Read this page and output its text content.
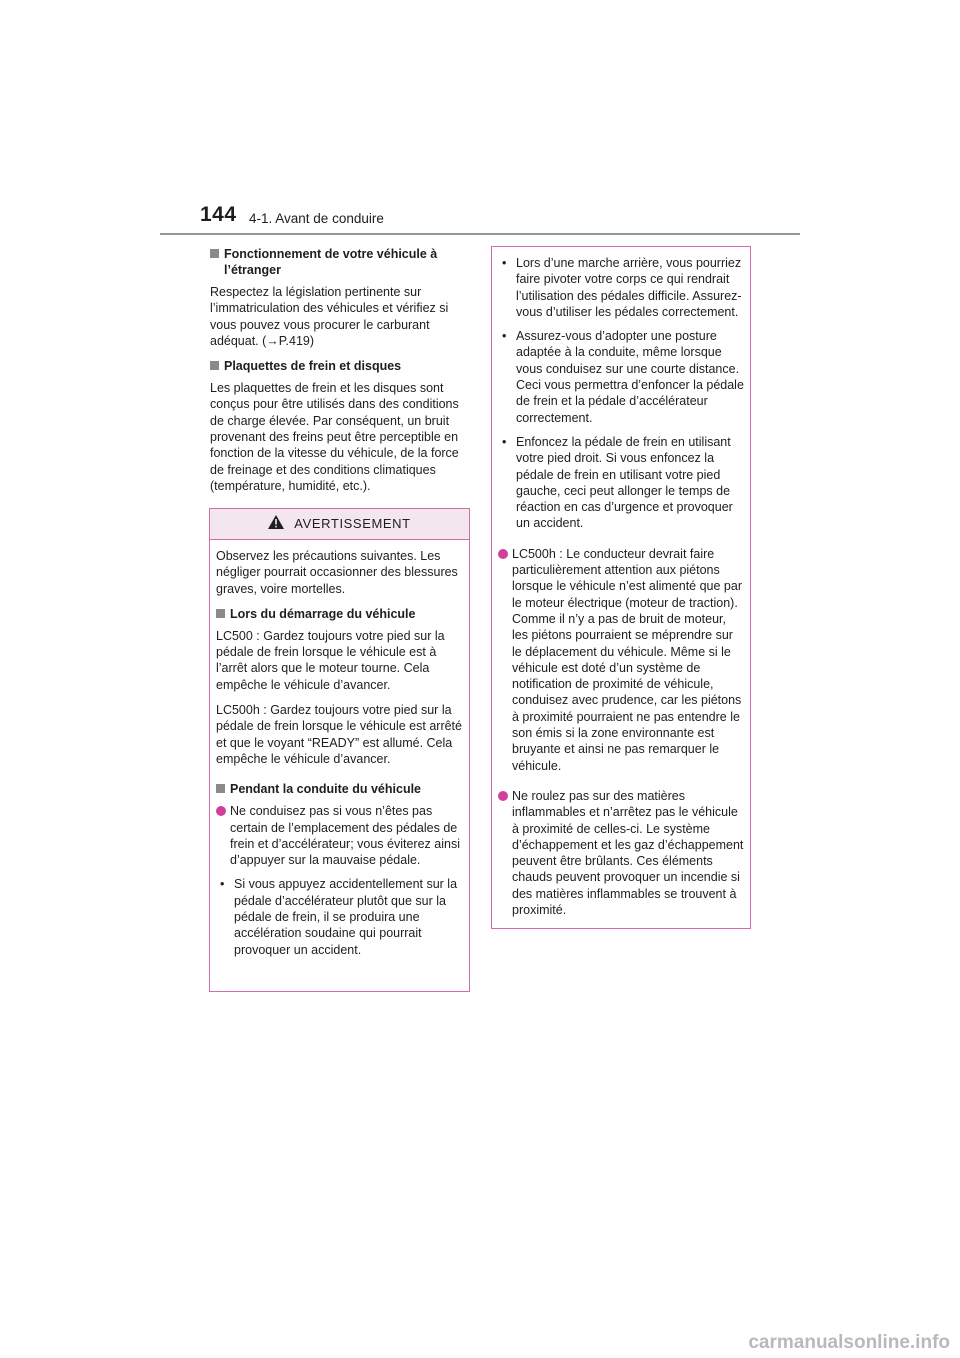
144 4-1. Avant de conduire
Fonctionnement de votre véhicule à l’étranger

Respectez la législation pertinente sur l’immatriculation des véhicules et vérifiez si vous pouvez vous procurer le carburant adéquat. (→P.419)

Plaquettes de frein et disques

Les plaquettes de frein et les disques sont conçus pour être utilisés dans des conditions de charge élevée. Par conséquent, un bruit provenant des freins peut être perceptible en fonction de la vitesse du véhicule, de la force de freinage et des conditions climatiques (température, humidité, etc.).

AVERTISSEMENT

Observez les précautions suivantes. Les négliger pourrait occasionner des blessures graves, voire mortelles.

Lors du démarrage du véhicule

LC500 : Gardez toujours votre pied sur la pédale de frein lorsque le véhicule est à l’arrêt alors que le moteur tourne. Cela empêche le véhicule d’avancer.

LC500h : Gardez toujours votre pied sur la pédale de frein lorsque le véhicule est arrêté et que le voyant “READY” est allumé. Cela empêche le véhicule d’avancer.

Pendant la conduite du véhicule
Ne conduisez pas si vous n’êtes pas certain de l’emplacement des pédales de frein et d’accélérateur; vous éviterez ainsi d’appuyer sur la mauvaise pédale.
• Si vous appuyez accidentellement sur la pédale d’accélérateur plutôt que sur la pédale de frein, il se produira une accélération soudaine qui pourrait provoquer un accident.
• Lors d’une marche arrière, vous pourriez faire pivoter votre corps ce qui rendrait l’utilisation des pédales difficile. Assurez-vous d’utiliser les pédales correctement.
• Assurez-vous d’adopter une posture adaptée à la conduite, même lorsque vous conduisez sur une courte distance. Ceci vous permettra d’enfoncer la pédale de frein et la pédale d’accélérateur correctement.
• Enfoncez la pédale de frein en utilisant votre pied droit. Si vous enfoncez la pédale de frein en utilisant votre pied gauche, ceci peut allonger le temps de réaction en cas d’urgence et provoquer un accident.
LC500h : Le conducteur devrait faire particulièrement attention aux piétons lorsque le véhicule n’est alimenté que par le moteur électrique (moteur de traction). Comme il n’y a pas de bruit de moteur, les piétons pourraient se méprendre sur le déplacement du véhicule. Même si le véhicule est doté d’un système de notification de proximité de véhicule, conduisez avec prudence, car les piétons à proximité pourraient ne pas entendre le son émis si la zone environnante est bruyante et ainsi ne pas remarquer le véhicule.
Ne roulez pas sur des matières inflammables et n’arrêtez pas le véhicule à proximité de celles-ci. Le système d’échappement et les gaz d’échappement peuvent être brûlants. Ces éléments chauds peuvent provoquer un incendie si des matières inflammables se trouvent à proximité.
carmanualsonline.info
